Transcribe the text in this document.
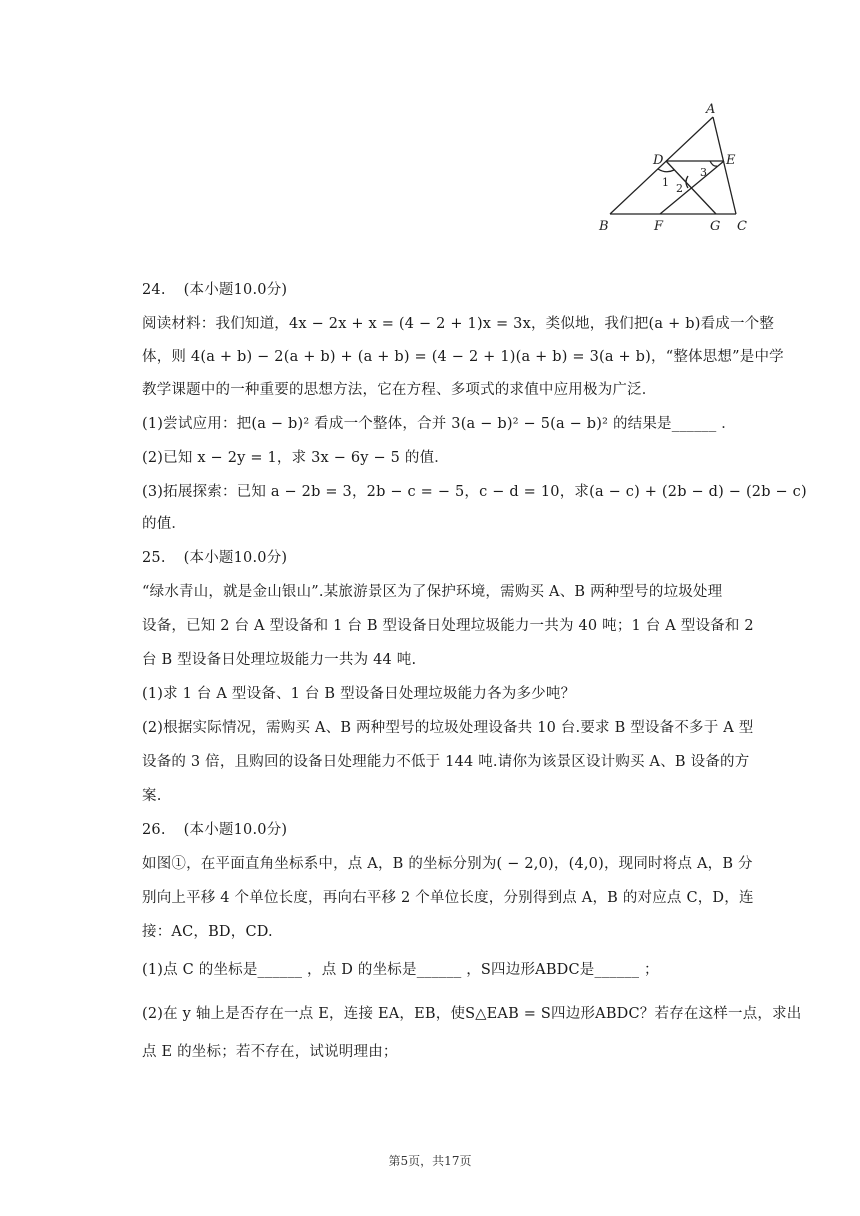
A
D	E
B	F	G C
1 2
3
24. (本小题10.0分)
阅读材料：我们知道，4x − 2x + x = (4 − 2 + 1)x = 3x，类似地，我们把(a + b)看成一个整
体，则 4(a + b) − 2(a + b) + (a + b) = (4 − 2 + 1)(a + b) = 3(a + b)，“整体思想”是中学
教学课题中的一种重要的思想方法，它在方程、多项式的求值中应用极为广泛．
(1)尝试应用：把(a − b)² 看成一个整体，合并 3(a − b)² − 5(a − b)² 的结果是______ ．
(2)已知 x − 2y = 1，求 3x − 6y − 5 的值．
(3)拓展探索：已知 a − 2b = 3，2b − c = − 5，c − d = 10，求(a − c) + (2b − d) − (2b − c)
的值．
25. (本小题10.0分)
“绿水青山，就是金山银山”.某旅游景区为了保护环境，需购买 A、B 两种型号的垃圾处理
设备，已知 2 台 A 型设备和 1 台 B 型设备日处理垃圾能力一共为 40 吨；1 台 A 型设备和 2
台 B 型设备日处理垃圾能力一共为 44 吨.
(1)求 1 台 A 型设备、1 台 B 型设备日处理垃圾能力各为多少吨？
(2)根据实际情况，需购买 A、B 两种型号的垃圾处理设备共 10 台.要求 B 型设备不多于 A 型
设备的 3 倍，且购回的设备日处理能力不低于 144 吨.请你为该景区设计购买 A、B 设备的方
案.
26. (本小题10.0分)
如图①，在平面直角坐标系中，点 A，B 的坐标分别为( − 2,0)，(4,0)，现同时将点 A，B 分
别向上平移 4 个单位长度，再向右平移 2 个单位长度，分别得到点 A，B 的对应点 C，D，连
接：AC，BD，CD.
(1)点 C 的坐标是______ ，点 D 的坐标是______ ，S四边形ABDC是______ ；
(2)在 y 轴上是否存在一点 E，连接 EA，EB，使S△EAB = S四边形ABDC？若存在这样一点，求出
点 E 的坐标；若不存在，试说明理由；
第5页，共17页
